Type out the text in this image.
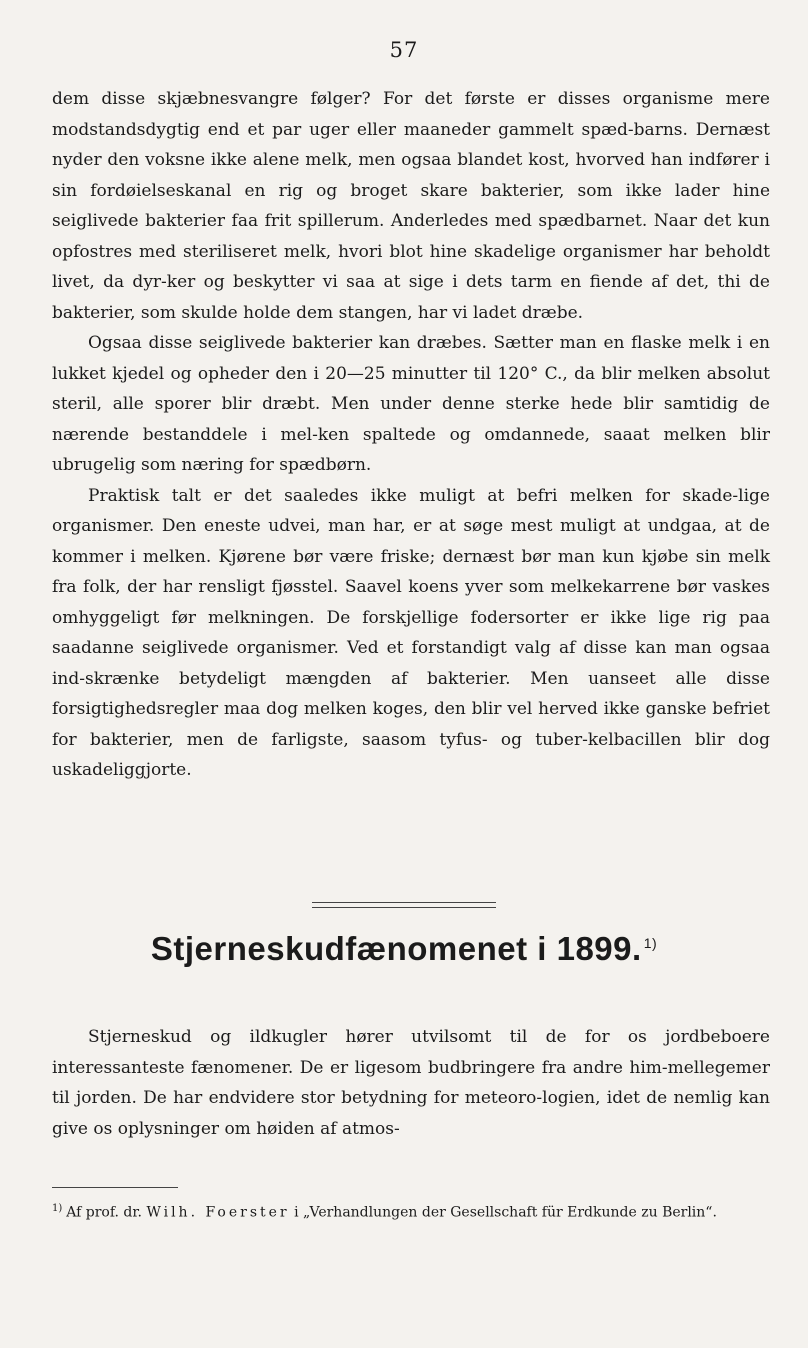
57

dem disse skjæbnesvangre følger? For det første er disses organisme mere modstandsdygtig end et par uger eller maaneder gammelt spæd-barns. Dernæst nyder den voksne ikke alene melk, men ogsaa blandet kost, hvorved han indfører i sin fordøielseskanal en rig og broget skare bakterier, som ikke lader hine seiglivede bakterier faa frit spillerum. Anderledes med spædbarnet. Naar det kun opfostres med steriliseret melk, hvori blot hine skadelige organismer har beholdt livet, da dyr-ker og beskytter vi saa at sige i dets tarm en fiende af det, thi de bakterier, som skulde holde dem stangen, har vi ladet dræbe.

Ogsaa disse seiglivede bakterier kan dræbes. Sætter man en flaske melk i en lukket kjedel og opheder den i 20—25 minutter til 120° C., da blir melken absolut steril, alle sporer blir dræbt. Men under denne sterke hede blir samtidig de nærende bestanddele i mel-ken spaltede og omdannede, saaat melken blir ubrugelig som næring for spædbørn.

Praktisk talt er det saaledes ikke muligt at befri melken for skade-lige organismer. Den eneste udvei, man har, er at søge mest muligt at undgaa, at de kommer i melken. Kjørene bør være friske; dernæst bør man kun kjøbe sin melk fra folk, der har rensligt fjøsstel. Saavel koens yver som melkekarrene bør vaskes omhyggeligt før melkningen. De forskjellige fodersorter er ikke lige rig paa saadanne seiglivede organismer. Ved et forstandigt valg af disse kan man ogsaa ind-skrænke betydeligt mængden af bakterier. Men uanseet alle disse forsigtighedsregler maa dog melken koges, den blir vel herved ikke ganske befriet for bakterier, men de farligste, saasom tyfus- og tuber-kelbacillen blir dog uskadeliggjorte.

Stjerneskudfænomenet i 1899. $^{1)}$

Stjerneskud og ildkugler hører utvilsomt til de for os jordbeboere interessanteste fænomener. De er ligesom budbringere fra andre him-mellegemer til jorden. De har endvidere stor betydning for meteoro-logien, idet de nemlig kan give os oplysninger om høiden af atmos-

$^{1)}$ Af prof. dr. Wilh. Foerster i „Verhandlungen der Gesellschaft für Erdkunde zu Berlin“.
